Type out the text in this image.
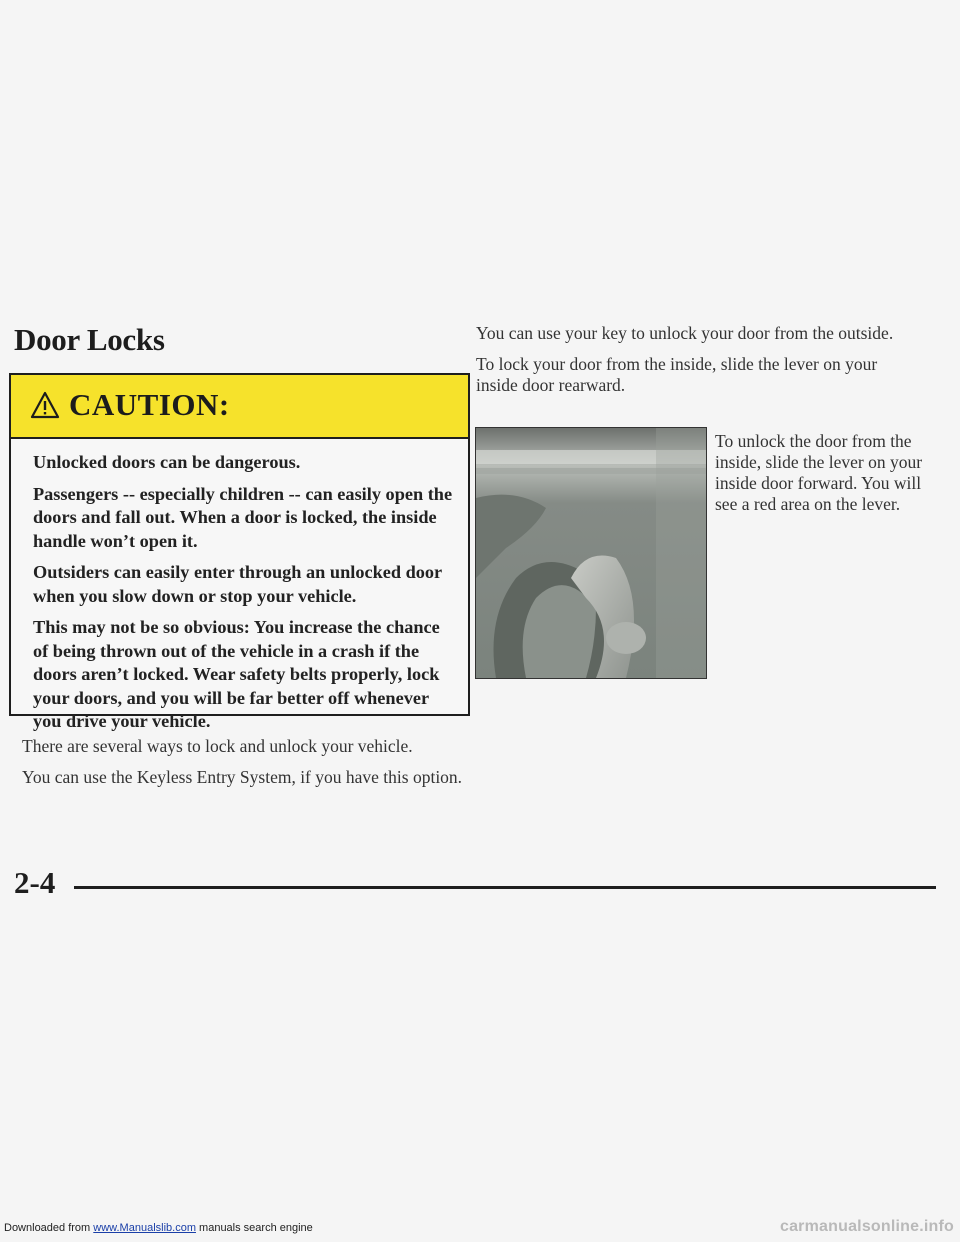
Door Locks
CAUTION:

Unlocked doors can be dangerous.

Passengers -- especially children -- can easily open the doors and fall out. When a door is locked, the inside handle won’t open it.

Outsiders can easily enter through an unlocked door when you slow down or stop your vehicle.

This may not be so obvious: You increase the chance of being thrown out of the vehicle in a crash if the doors aren’t locked. Wear safety belts properly, lock your doors, and you will be far better off whenever you drive your vehicle.

There are several ways to lock and unlock your vehicle.

You can use the Keyless Entry System, if you have this option.

You can use your key to unlock your door from the outside.

To lock your door from the inside, slide the lever on your inside door rearward.

To unlock the door from the inside, slide the lever on your inside door forward. You will see a red area on the lever.
2-4
Downloaded from www.Manualslib.com manuals search engine	carmanualsonline.info
